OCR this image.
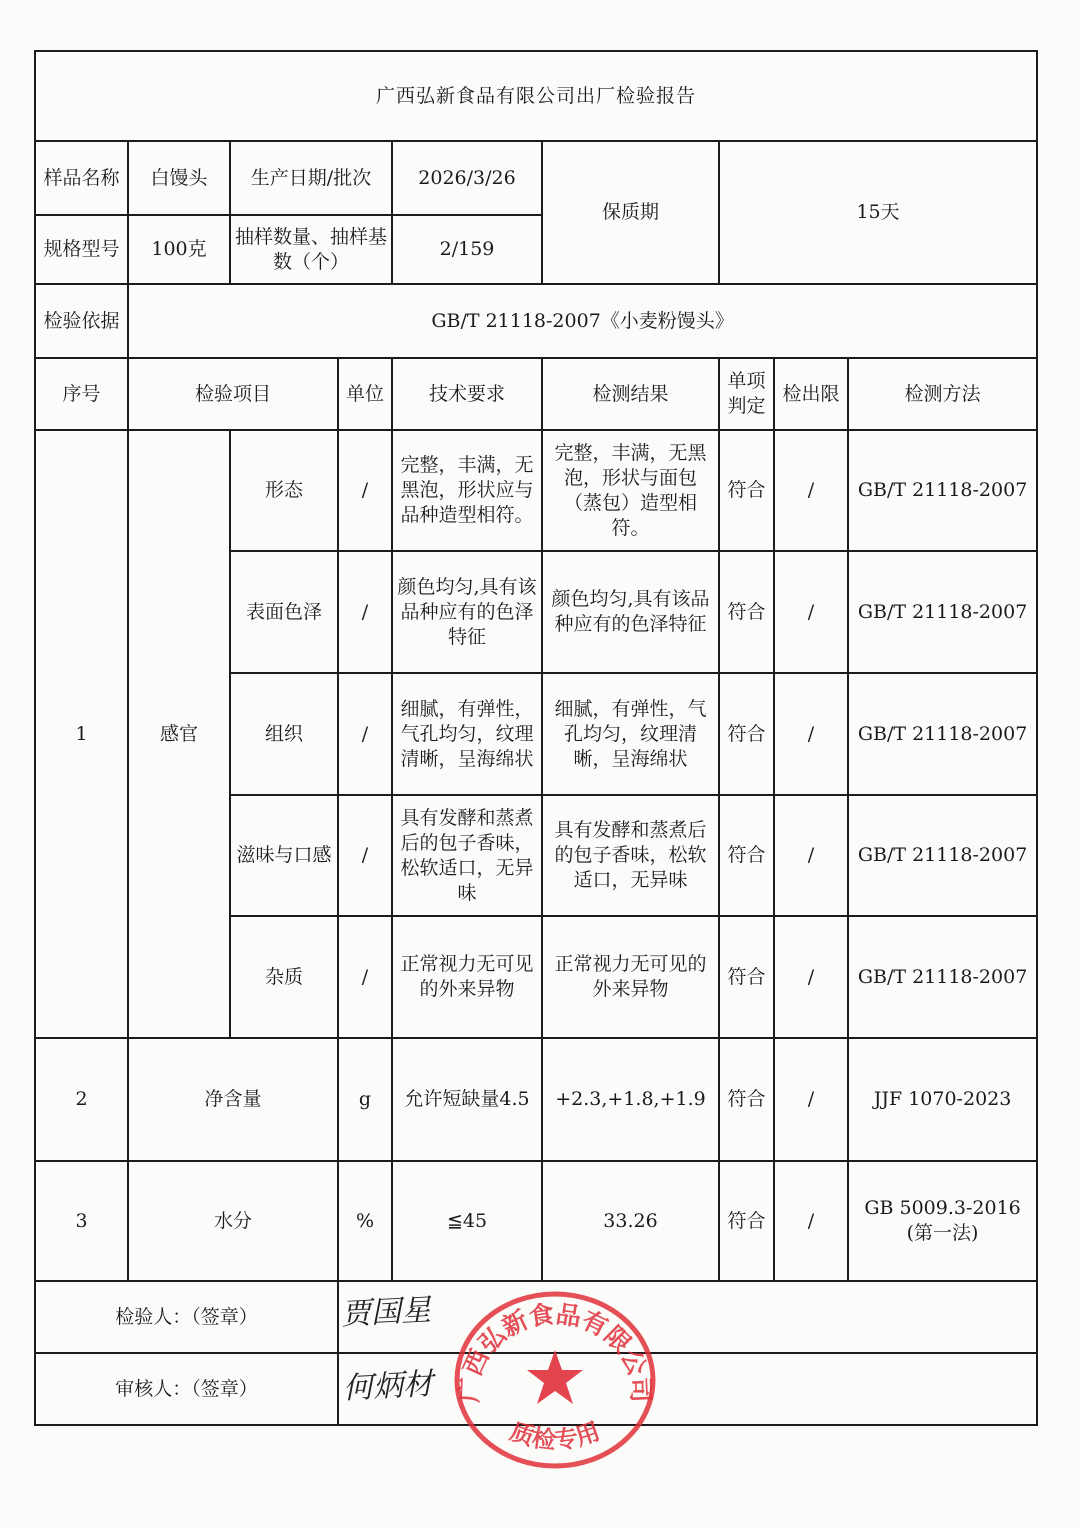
广西弘新食品有限公司出厂检验报告								
样品名称	白馒头	生产日期/批次		2026/3/26	保质期	15天		
规格型号	100克	抽样数量、抽样基数（个）		2/159				
检验依据	GB/T 21118-2007《小麦粉馒头》							
序号	检验项目		单位	技术要求	检测结果	单项判定	检出限	检测方法
1	感官	形态	/	完整，丰满，无黑泡，形状应与品种造型相符。	完整，丰满，无黑泡，形状与面包（蒸包）造型相符。	符合	/	GB/T 21118-2007
		表面色泽	/	颜色均匀,具有该品种应有的色泽特征	颜色均匀,具有该品种应有的色泽特征	符合	/	GB/T 21118-2007
		组织	/	细腻，有弹性，气孔均匀，纹理清晰，呈海绵状	细腻，有弹性，气孔均匀，纹理清晰，呈海绵状	符合	/	GB/T 21118-2007
		滋味与口感	/	具有发酵和蒸煮后的包子香味，松软适口，无异味	具有发酵和蒸煮后的包子香味，松软适口，无异味	符合	/	GB/T 21118-2007
		杂质	/	正常视力无可见的外来异物	正常视力无可见的外来异物	符合	/	GB/T 21118-2007
2	净含量		g	允许短缺量4.5	+2.3,+1.8,+1.9	符合	/	JJF 1070-2023
3	水分		%	≦45	33.26	符合	/	GB 5009.3-2016(第一法)
检验人：（签章）			贾国星					

审核人：（签章）			何炳材					广西弘新食品有限公司
质检专用
